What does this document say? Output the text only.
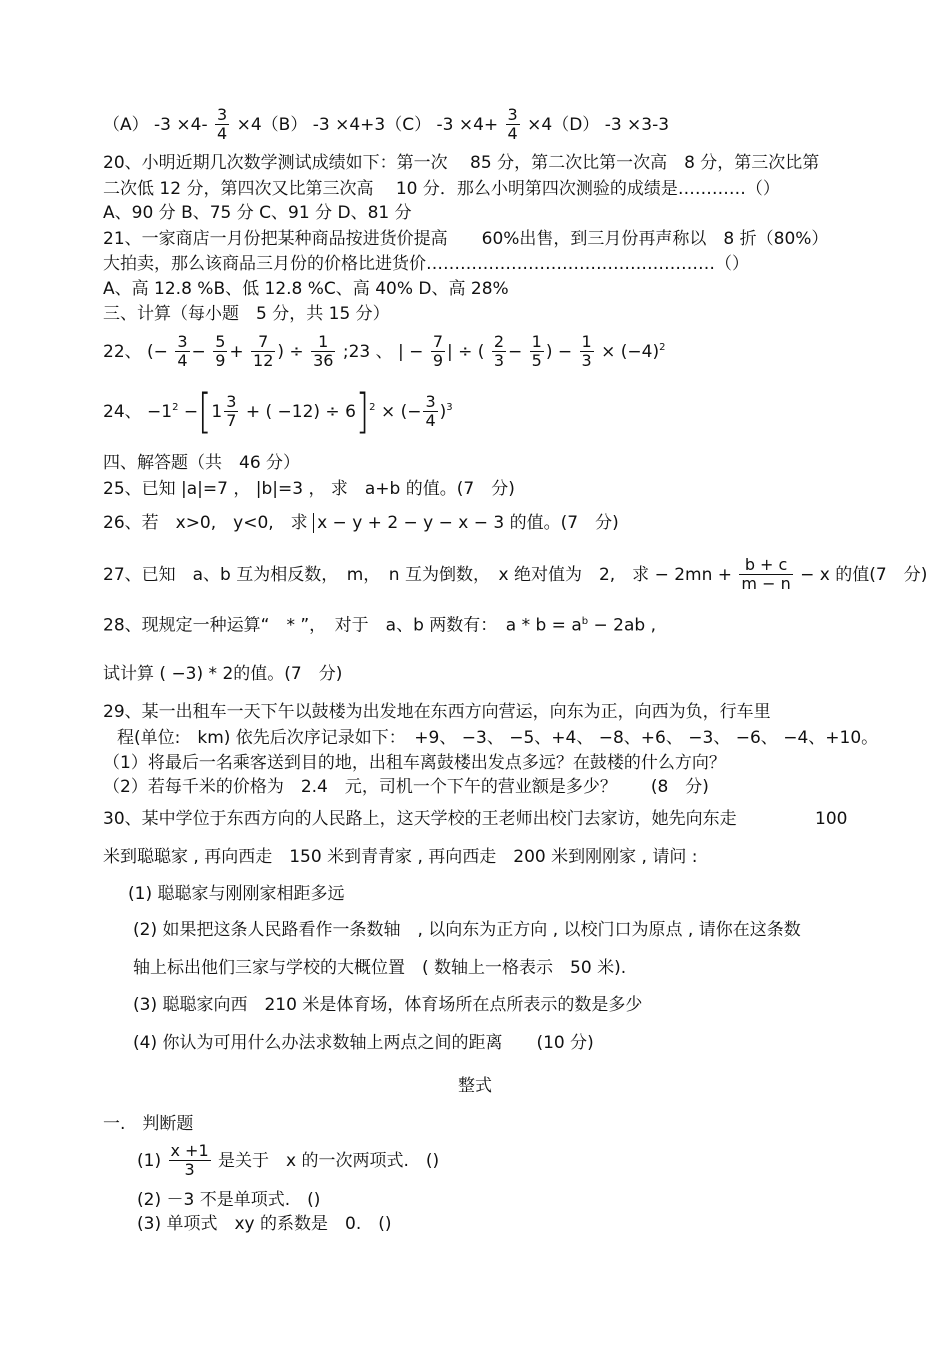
（A） $-3 \times 4- \frac{3}{4} \times 4(B)$ -3 ×4+3（C） $-3 \times 4+ \frac{3}{4} \times 4(D)$ -3 ×3-3
20、小明近期几次数学测试成绩如下：第一次　 85 分，第二次比第一次高　8 分，第三次比第
二次低 12 分，第四次又比第三次高　 10 分．那么小明第四次测验的成绩是…………（）
A、90 分 B、75 分 C、91 分 D、81 分
21、一家商店一月份把某种商品按进货价提高　　60%出售，到三月份再声称以　8 折（80%）
大拍卖，那么该商品三月份的价格比进货价……………………………………………（）
A、高 12.8 %B、低 12.8 %C、高 40% D、高 28%
三、计算（每小题　5 分，共 15 分）
22、 (− $\frac{3}{4} - \frac{5}{9} + \frac{7}{12}$ ) ÷ $\frac{1}{36}$ ;23 、 | − $\frac{7}{9}$ | ÷ ( $\frac{2}{3} - \frac{1}{5}$ ) − $\frac{1}{3} \times (-4)^2$
24、 $-1^2 -[1 \frac{3}{7}$ + ( −12) ÷ 6]$^2$ × (− $\frac{3}{4} )^3$
四、解答题（共　46 分）
25、已知 |a|=7 ， |b|=3 ， 求　a+b 的值。(7　分)
26、若　x>0,　y<0,　求 x − y + 2 − y − x − 3 的值。(7　分)
27、已知　a、b 互为相反数，　m，　n 互为倒数，　x 绝对值为　2,　求 − $2mn + \frac{b + c}{m - n} - x$ 的值(7　分)
28、现规定一种运算“　* ”，　对于　a、b 两数有：　$a * b = a^b - 2ab$ ,
试计算 ( −3) * 2的值。(7　分)
29、某一出租车一天下午以鼓楼为出发地在东西方向营运，向东为正，向西为负，行车里
程(单位:　km) 依先后次序记录如下：　+9、 −3、 −5、+4、 −8、+6、 −3、 −6、 −4、+10。
（1）将最后一名乘客送到目的地，出租车离鼓楼出发点多远？在鼓楼的什么方向？
（2）若每千米的价格为　2.4　元，司机一个下午的营业额是多少？　　(8　分)
30、某中学位于东西方向的人民路上，这天学校的王老师出校门去家访，她先向东走	100
米到聪聪家 , 再向西走　150 米到青青家 , 再向西走　200 米到刚刚家 , 请问 :
(1) 聪聪家与刚刚家相距多远
(2) 如果把这条人民路看作一条数轴　, 以向东为正方向 , 以校门口为原点 , 请你在这条数
轴上标出他们三家与学校的大概位置　( 数轴上一格表示　50 米).
(3) 聪聪家向西　210 米是体育场，体育场所在点所表示的数是多少
(4) 你认为可用什么办法求数轴上两点之间的距离　　(10 分)
整式
一.　判断题
$(1) \frac{x +1}{3}$ 是关于　x 的一次两项式.　()
(2) －3 不是单项式.　()
(3) 单项式　xy 的系数是　0.　()
